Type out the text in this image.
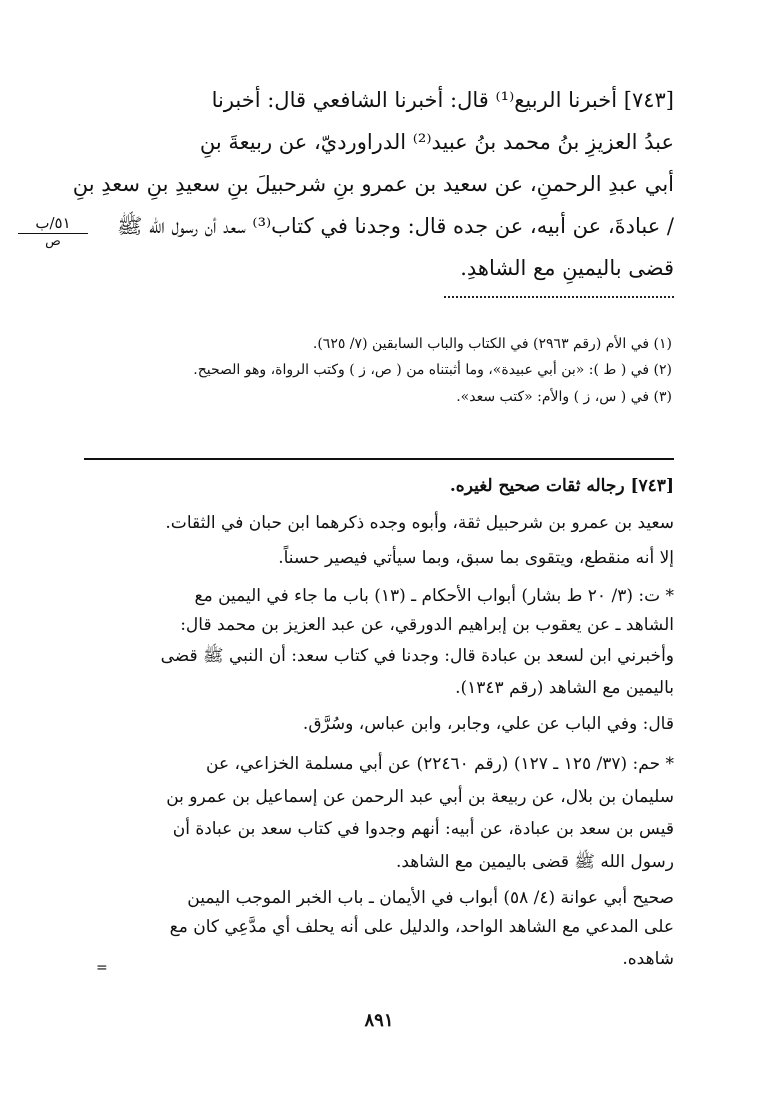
[٧٤٣] أخبرنا الربيع⁽¹⁾ قال: أخبرنا الشافعي قال: أخبرنا
عبدُ العزيزِ بنُ محمد بنُ عبيد⁽²⁾ الدراورديّ، عن ربيعةَ بنِ
أبي عبدِ الرحمنِ، عن سعيد بن عمرو بنِ شرحبيلَ بنِ سعيدِ بنِ سعدِ بنِ
/ عبادةَ، عن أبيه، عن جده قال: وجدنا في كتاب⁽³⁾ سعد أن رسول الله ﷺ
قضى باليمينِ مع الشاهدِ.
٥١/ب
ص
(١) في الأم (رقم ٢٩٦٣) في الكتاب والباب السابقين (٧/ ٦٢٥).
(٢) في ( ط ): «بن أبي عبيدة»، وما أثبتناه من ( ص، ز ) وكتب الرواة، وهو الصحيح.
(٣) في ( س، ز ) والأم: «كتب سعد».
[٧٤٣] رجاله ثقات صحيح لغيره.
سعيد بن عمرو بن شرحبيل ثقة، وأبوه وجده ذكرهما ابن حبان في الثقات.
إلا أنه منقطع، ويتقوى بما سبق، وبما سيأتي فيصير حسناً.
* ت: (٣/ ٢٠ ط بشار) أبواب الأحكام ـ (١٣) باب ما جاء في اليمين مع
الشاهد ـ عن يعقوب بن إبراهيم الدورقي، عن عبد العزيز بن محمد قال:
وأخبرني ابن لسعد بن عبادة قال: وجدنا في كتاب سعد: أن النبي ﷺ قضى
باليمين مع الشاهد (رقم ١٣٤٣).
قال: وفي الباب عن علي، وجابر، وابن عباس، وسُرَّق.
* حم: (٣٧/ ١٢٥ ـ ١٢٧) (رقم ٢٢٤٦٠) عن أبي مسلمة الخزاعي، عن
سليمان بن بلال، عن ربيعة بن أبي عبد الرحمن عن إسماعيل بن عمرو بن
قيس بن سعد بن عبادة، عن أبيه: أنهم وجدوا في كتاب سعد بن عبادة أن
رسول الله ﷺ قضى باليمين مع الشاهد.
صحيح أبي عوانة (٤/ ٥٨) أبواب في الأيمان ـ باب الخبر الموجب اليمين
على المدعي مع الشاهد الواحد، والدليل على أنه يحلف أي مدَّعِي كان مع
شاهده.
=
٨٩١
